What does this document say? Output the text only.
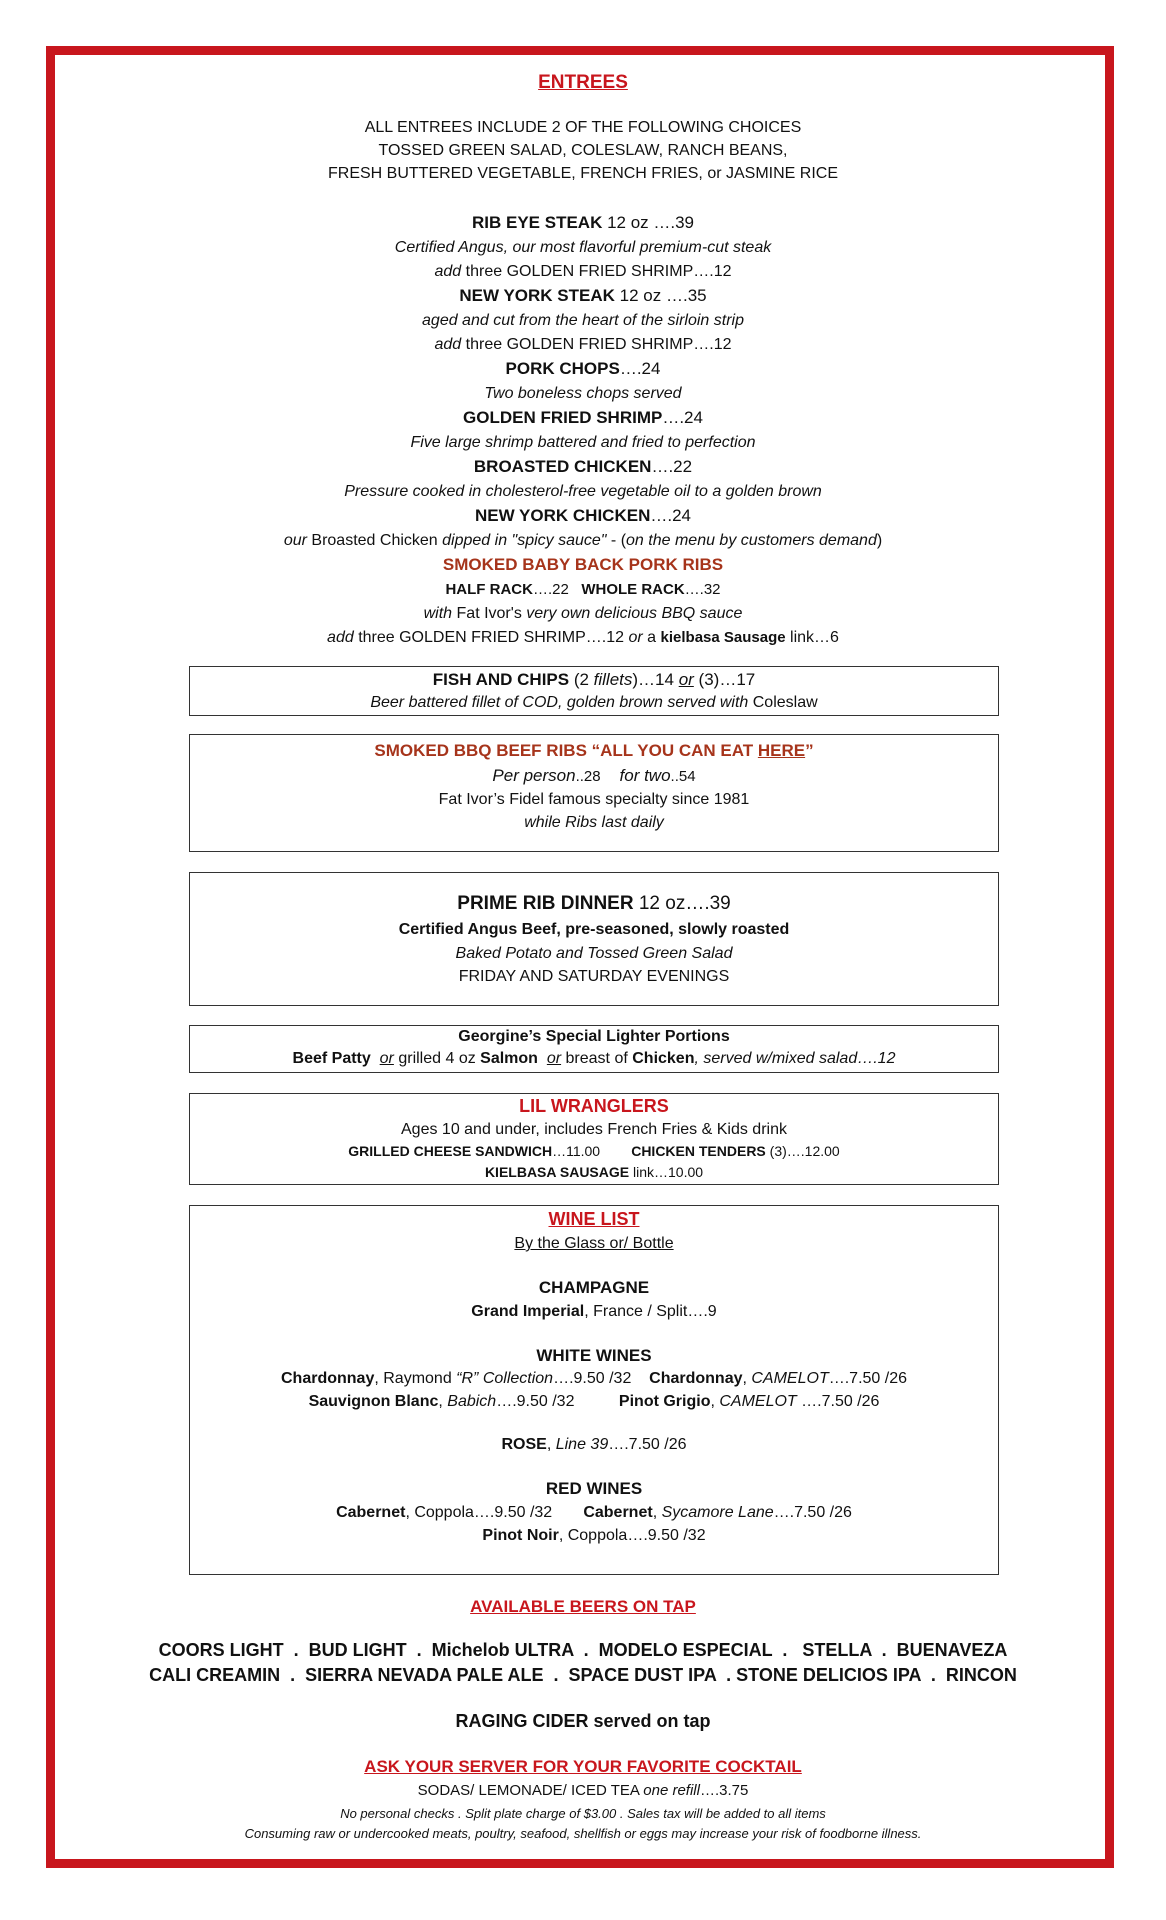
ENTREES
ALL ENTREES INCLUDE 2 OF THE FOLLOWING CHOICES
TOSSED GREEN SALAD, COLESLAW, RANCH BEANS,
FRESH BUTTERED VEGETABLE, FRENCH FRIES, or JASMINE RICE
RIB EYE STEAK 12 oz ….39
Certified Angus, our most flavorful premium-cut steak
add three GOLDEN FRIED SHRIMP….12
NEW YORK STEAK 12 oz ….35
aged and cut from the heart of the sirloin strip
add three GOLDEN FRIED SHRIMP….12
PORK CHOPS….24
Two boneless chops served
GOLDEN FRIED SHRIMP….24
Five large shrimp battered and fried to perfection
BROASTED CHICKEN….22
Pressure cooked in cholesterol-free vegetable oil to a golden brown
NEW YORK CHICKEN….24
our Broasted Chicken dipped in "spicy sauce" - (on the menu by customers demand)
SMOKED BABY BACK PORK RIBS
HALF RACK….22 WHOLE RACK….32
with Fat Ivor's very own delicious BBQ sauce
add three GOLDEN FRIED SHRIMP….12 or a kielbasa Sausage link…6
FISH AND CHIPS (2 fillets)…14 or (3)…17
Beer battered fillet of COD, golden brown served with Coleslaw
SMOKED BBQ BEEF RIBS “ALL YOU CAN EAT HERE”
Per person..28 for two..54
Fat Ivor’s Fidel famous specialty since 1981
while Ribs last daily
PRIME RIB DINNER 12 oz….39
Certified Angus Beef, pre-seasoned, slowly roasted
Baked Potato and Tossed Green Salad
FRIDAY AND SATURDAY EVENINGS
Georgine’s Special Lighter Portions
Beef Patty or grilled 4 oz Salmon or breast of Chicken, served w/mixed salad….12
LIL WRANGLERS
Ages 10 and under, includes French Fries & Kids drink
GRILLED CHEESE SANDWICH…11.00 CHICKEN TENDERS (3)….12.00
KIELBASA SAUSAGE link…10.00
WINE LIST
By the Glass or/ Bottle
CHAMPAGNE
Grand Imperial, France / Split….9
WHITE WINES
Chardonnay, Raymond “R” Collection….9.50 /32 Chardonnay, CAMELOT….7.50 /26
Sauvignon Blanc, Babich….9.50 /32	Pinot Grigio, CAMELOT ….7.50 /26
ROSE, Line 39….7.50 /26
RED WINES
Cabernet, Coppola….9.50 /32 Cabernet, Sycamore Lane….7.50 /26
Pinot Noir, Coppola….9.50 /32
AVAILABLE BEERS ON TAP
COORS LIGHT  .  BUD LIGHT  .  Michelob ULTRA  .  MODELO ESPECIAL  .   STELLA  .  BUENAVEZA
CALI CREAMIN  .  SIERRA NEVADA PALE ALE  .  SPACE DUST IPA  . STONE DELICIOS IPA  .  RINCON
RAGING CIDER served on tap
ASK YOUR SERVER FOR YOUR FAVORITE COCKTAIL
SODAS/ LEMONADE/ ICED TEA one refill….3.75
No personal checks . Split plate charge of $3.00 . Sales tax will be added to all items
Consuming raw or undercooked meats, poultry, seafood, shellfish or eggs may increase your risk of foodborne illness.
